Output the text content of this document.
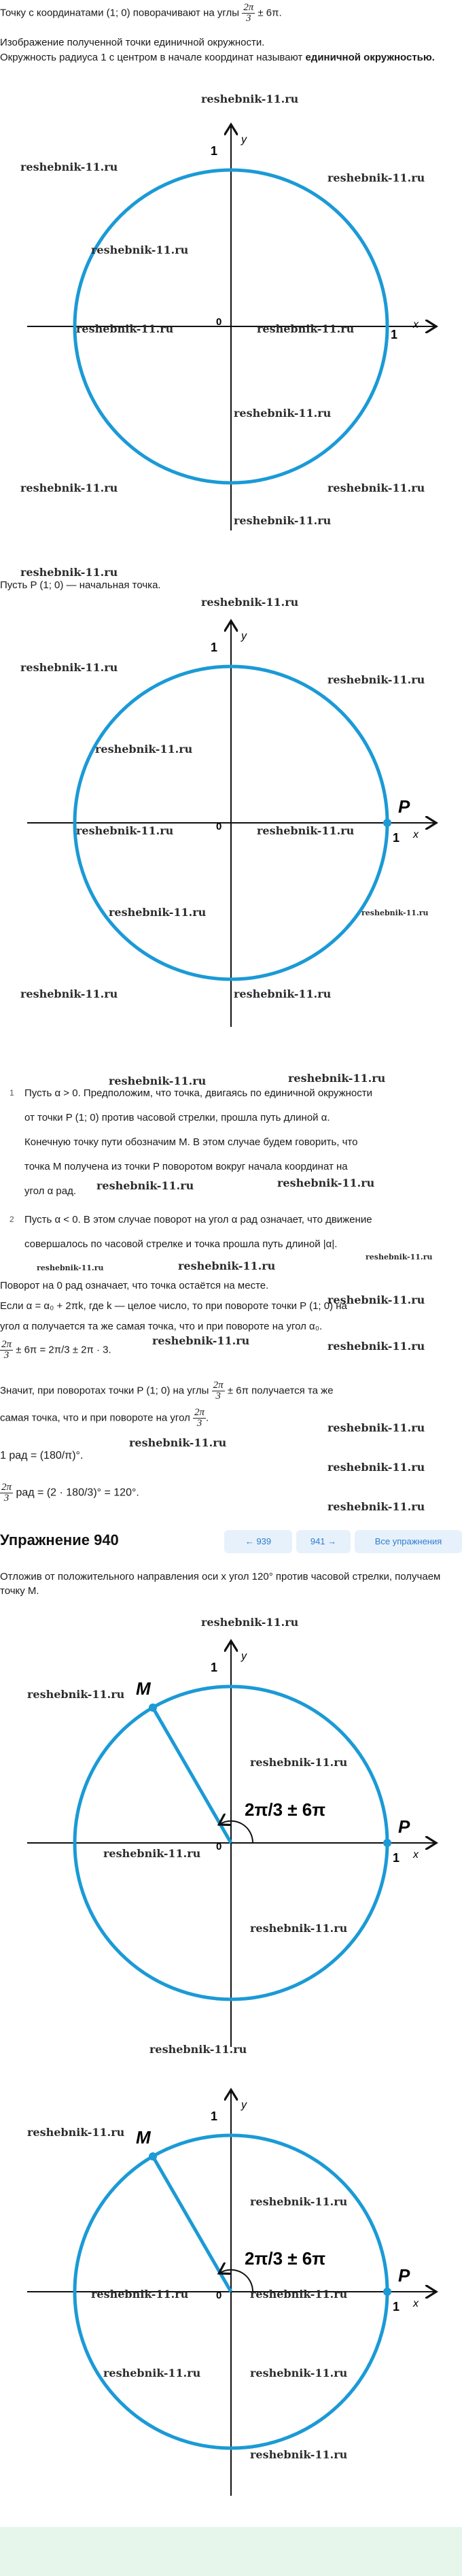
Точку с координатами (1; 0) поворачивают на углы $\frac{2\pi}{3} \pm 6\pi$.
Изображение полученной точки единичной окружности.
Окружность радиуса 1 с центром в начале координат называют единичной окружностью.
y
1
x
1
0
reshebnik-11.ru
reshebnik-11.ru
reshebnik-11.ru
reshebnik-11.ru
reshebnik-11.ru	reshebnik-11.ru
reshebnik-11.ru
reshebnik-11.ru	reshebnik-11.ru
reshebnik-11.ru
reshebnik-11.ru
Пусть P (1; 0) — начальная точка.
P
y
1
x
1
0
reshebnik-11.ru
reshebnik-11.ru
reshebnik-11.ru
reshebnik-11.ru
reshebnik-11.ru	reshebnik-11.ru
reshebnik-11.ru	reshebnik-11.ru
reshebnik-11.ru	reshebnik-11.ru
reshebnik-11.ru	reshebnik-11.ru
1 Пусть α > 0. Предположим, что точка, двигаясь по единичной окружности
от точки P (1; 0) против часовой стрелки, прошла путь длиной α.
Конечную точку пути обозначим M. В этом случае будем говорить, что
точка M получена из точки P поворотом вокруг начала координат на
угол α рад.	reshebnik-11.ru	reshebnik-11.ru
2 Пусть α < 0. В этом случае поворот на угол α рад означает, что движение
совершалось по часовой стрелке и точка прошла путь длиной |α|.
reshebnik-11.ru	reshebnik-11.ru
reshebnik-11.ru
Поворот на 0 рад означает, что точка остаётся на месте.
reshebnik-11.ru
Если α = α₀ + 2πk, где k — целое число, то при повороте точки P (1; 0) на
угол α получается та же самая точка, что и при повороте на угол α₀.
$\frac{2\pi}{3} \pm 6\pi = 2\pi/3 \pm 2\pi \cdot 3$.
reshebnik-11.ru	reshebnik-11.ru
Значит, при поворотах точки P (1; 0) на углы $\frac{2\pi}{3} \pm 6\pi$ получается та же
самая точка, что и при повороте на угол $\frac{2\pi}{3}$ .
reshebnik-11.ru
reshebnik-11.ru
1 рад = (180/π)°.
$\frac{2\pi}{3}$ рад = (2 · 180/3)° = 120°.
reshebnik-11.ru
reshebnik-11.ru
Упражнение 940	← 939	941 →	Все упражнения
Отложив от положительного направления оси x угол 120° против часовой стрелки, получаем точку M.
M
P
2π/3 ± 6π
y
1
x
1
0
reshebnik-11.ru
reshebnik-11.ru
reshebnik-11.ru
reshebnik-11.ru
reshebnik-11.ru
reshebnik-11.ru
M
P
2π/3 ± 6π
y
1
x
1
0
reshebnik-11.ru
reshebnik-11.ru
reshebnik-11.ru	reshebnik-11.ru
reshebnik-11.ru	reshebnik-11.ru
reshebnik-11.ru
